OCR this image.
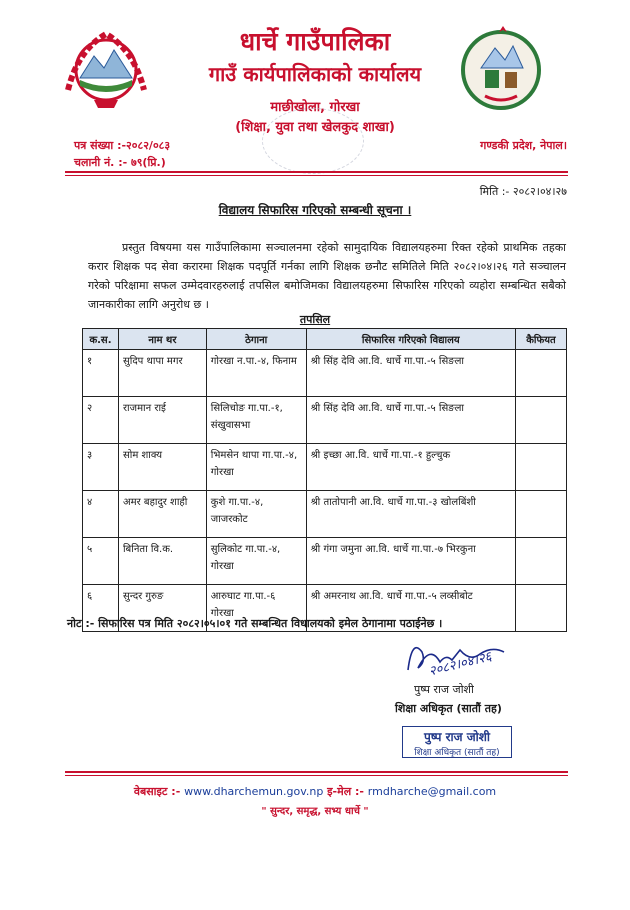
धार्चे गाउँपालिका
गाउँ कार्यपालिकाको कार्यालय
माछीखोला, गोरखा
(शिक्षा, युवा तथा खेलकुद शाखा)
पत्र संख्या :-२०८२/०८३	गण्डकी प्रदेश, नेपाल।
चलानी नं. :- ७९(प्रि.)
मिति :- २०८२।०४।२७
विद्यालय सिफारिस गरिएको सम्बन्धी सूचना ।
प्रस्तुत विषयमा यस गाउँपालिकामा सञ्चालनमा रहेको सामुदायिक विद्यालयहरुमा रिक्त रहेको प्राथमिक तहका करार शिक्षक पद सेवा करारमा शिक्षक पदपूर्ति गर्नका लागि शिक्षक छनौट समितिले मिति २०८२।०४।२६ गते सञ्चालन गरेको परिक्षामा सफल उम्मेदवारहरुलाई तपसिल बमोजिमका विद्यालयहरुमा सिफारिस गरिएको व्यहोरा सम्बन्धित सबैको जानकारीका लागि अनुरोध छ ।
तपसिल
क.स.	नाम थर	ठेगाना	सिफारिस गरिएको विद्यालय	कैफियत
१	सुदिप थापा मगर	गोरखा न.पा.-४, फिनाम	श्री सिंह देवि आ.वि. धार्चे गा.पा.-५ सिङला	
२	राजमान राई	सिलिचोङ गा.पा.-१, संखुवासभा	श्री सिंह देवि आ.वि. धार्चे गा.पा.-५ सिङला	
३	सोम शाक्य	भिमसेन थापा गा.पा.-४, गोरखा	श्री इच्छा आ.वि. धार्चे गा.पा.-१ हुल्चुक	
४	अमर बहादुर शाही	कुशे गा.पा.-४, जाजरकोट	श्री तातोपानी आ.वि. धार्चे गा.पा.-३ खोलबिंशी	
५	बिनिता वि.क.	सुलिकोट गा.पा.-४, गोरखा	श्री गंगा जमुना आ.वि. धार्चे गा.पा.-७ भिरकुना	
६	सुन्दर गुरुङ	आरुघाट गा.पा.-६ गोरखा	श्री अमरनाथ आ.वि. धार्चे गा.पा.-५ लव्सीबोट	
नोट :- सिफारिस पत्र मिति २०८२।०५।०१ गते सम्बन्धित विधालयको इमेल ठेगानामा पठाईनेछ ।
२०८२।०४।२६
पुष्प राज जोशी
शिक्षा अधिकृत (सातौं तह)
पुष्प राज जोशी
शिक्षा अधिकृत (सातौं तह)
वेबसाइट :- www.dharchemun.gov.np इ-मेल :- rmdharche@gmail.com
" सुन्दर, समृद्ध, सभ्य धार्चे "
